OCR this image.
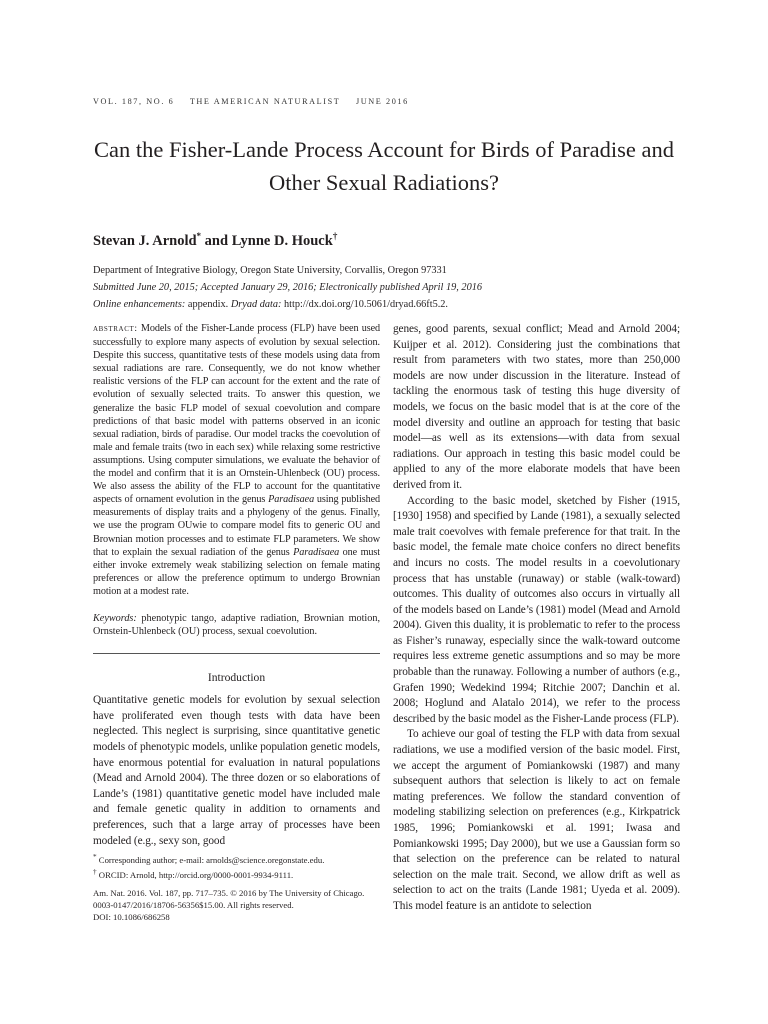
VOL. 187, NO. 6 THE AMERICAN NATURALIST JUNE 2016
Can the Fisher-Lande Process Account for Birds of Paradise and Other Sexual Radiations?
Stevan J. Arnold* and Lynne D. Houck†
Department of Integrative Biology, Oregon State University, Corvallis, Oregon 97331
Submitted June 20, 2015; Accepted January 29, 2016; Electronically published April 19, 2016
Online enhancements: appendix. Dryad data: http://dx.doi.org/10.5061/dryad.66ft5.2.
abstract: Models of the Fisher-Lande process (FLP) have been used successfully to explore many aspects of evolution by sexual selection. Despite this success, quantitative tests of these models using data from sexual radiations are rare. Consequently, we do not know whether realistic versions of the FLP can account for the extent and the rate of evolution of sexually selected traits. To answer this question, we generalize the basic FLP model of sexual coevolution and compare predictions of that basic model with patterns observed in an iconic sexual radiation, birds of paradise. Our model tracks the coevolution of male and female traits (two in each sex) while relaxing some restrictive assumptions. Using computer simulations, we evaluate the behavior of the model and confirm that it is an Ornstein-Uhlenbeck (OU) process. We also assess the ability of the FLP to account for the quantitative aspects of ornament evolution in the genus Paradisaea using published measurements of display traits and a phylogeny of the genus. Finally, we use the program OUwie to compare model fits to generic OU and Brownian motion processes and to estimate FLP parameters. We show that to explain the sexual radiation of the genus Paradisaea one must either invoke extremely weak stabilizing selection on female mating preferences or allow the preference optimum to undergo Brownian motion at a modest rate.
Keywords: phenotypic tango, adaptive radiation, Brownian motion, Ornstein-Uhlenbeck (OU) process, sexual coevolution.
Introduction

Quantitative genetic models for evolution by sexual selection have proliferated even though tests with data have been neglected. This neglect is surprising, since quantitative genetic models of phenotypic models, unlike population genetic models, have enormous potential for evaluation in natural populations (Mead and Arnold 2004). The three dozen or so elaborations of Lande’s (1981) quantitative genetic model have included male and female genetic quality in addition to ornaments and preferences, such that a large array of processes have been modeled (e.g., sexy son, good

* Corresponding author; e-mail: arnolds@science.oregonstate.edu.

† ORCID: Arnold, http://orcid.org/0000-0001-9934-9111.

Am. Nat. 2016. Vol. 187, pp. 717–735. © 2016 by The University of Chicago. 0003-0147/2016/18706-56356$15.00. All rights reserved.

DOI: 10.1086/686258

genes, good parents, sexual conflict; Mead and Arnold 2004; Kuijper et al. 2012). Considering just the combinations that result from parameters with two states, more than 250,000 models are now under discussion in the literature. Instead of tackling the enormous task of testing this huge diversity of models, we focus on the basic model that is at the core of the model diversity and outline an approach for testing that basic model—as well as its extensions—with data from sexual radiations. Our approach in testing this basic model could be applied to any of the more elaborate models that have been derived from it.

According to the basic model, sketched by Fisher (1915, [1930] 1958) and specified by Lande (1981), a sexually selected male trait coevolves with female preference for that trait. In the basic model, the female mate choice confers no direct benefits and incurs no costs. The model results in a coevolutionary process that has unstable (runaway) or stable (walk-toward) outcomes. This duality of outcomes also occurs in virtually all of the models based on Lande’s (1981) model (Mead and Arnold 2004). Given this duality, it is problematic to refer to the process as Fisher’s runaway, especially since the walk-toward outcome requires less extreme genetic assumptions and so may be more probable than the runaway. Following a number of authors (e.g., Grafen 1990; Wedekind 1994; Ritchie 2007; Danchin et al. 2008; Hoglund and Alatalo 2014), we refer to the process described by the basic model as the Fisher-Lande process (FLP).

To achieve our goal of testing the FLP with data from sexual radiations, we use a modified version of the basic model. First, we accept the argument of Pomiankowski (1987) and many subsequent authors that selection is likely to act on female mating preferences. We follow the standard convention of modeling stabilizing selection on preferences (e.g., Kirkpatrick 1985, 1996; Pomiankowski et al. 1991; Iwasa and Pomiankowski 1995; Day 2000), but we use a Gaussian form so that selection on the preference can be related to natural selection on the male trait. Second, we allow drift as well as selection to act on the traits (Lande 1981; Uyeda et al. 2009). This model feature is an antidote to selection
